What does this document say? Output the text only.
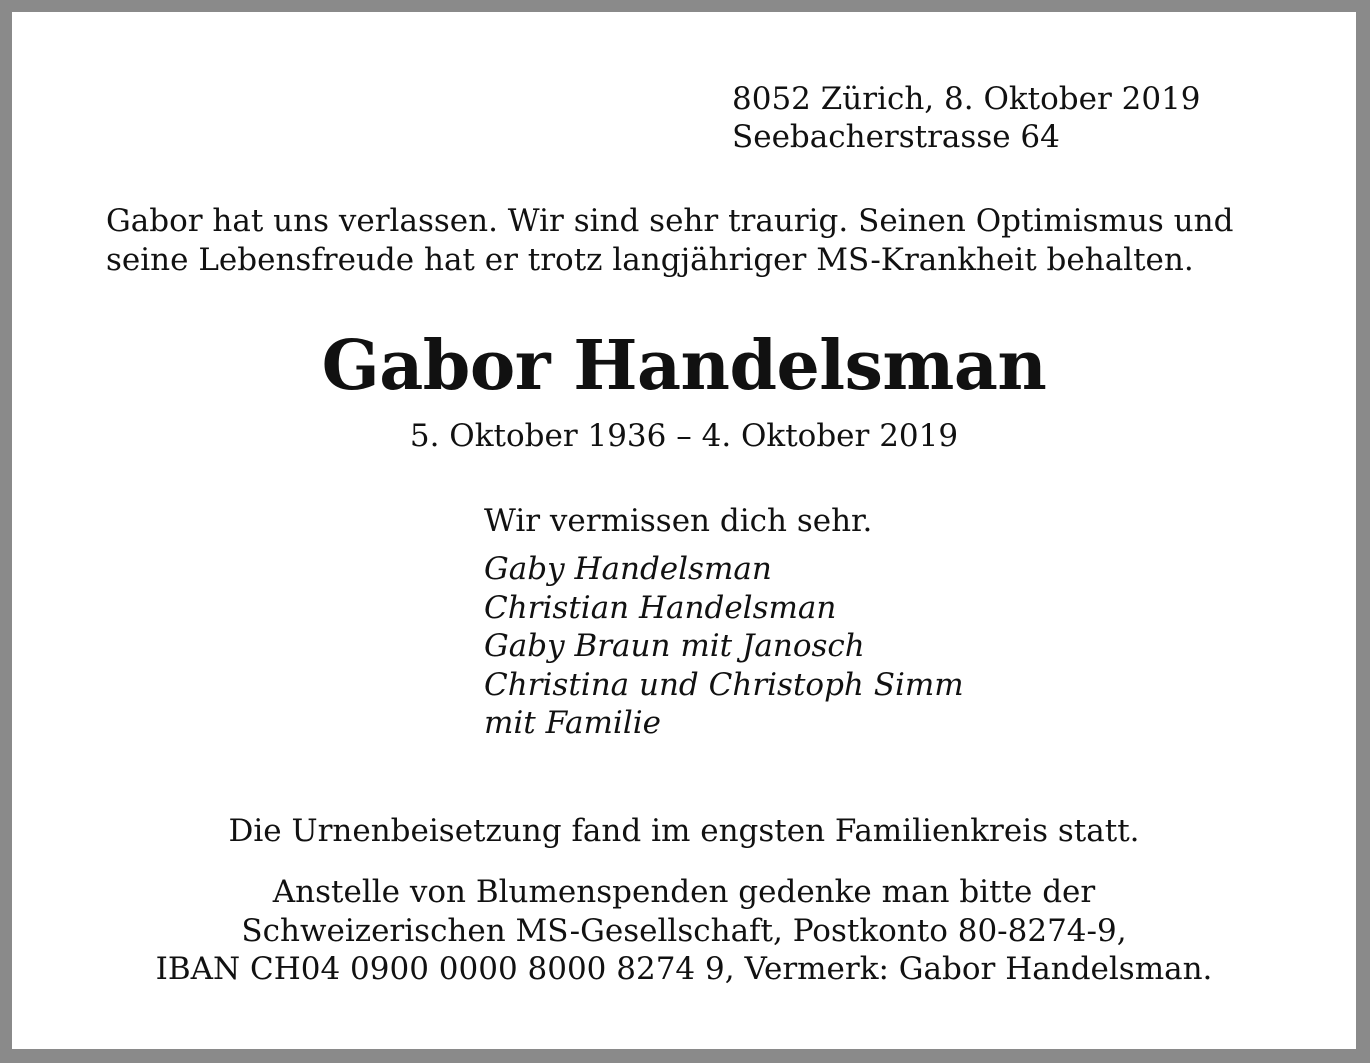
8052 Zürich, 8. Oktober 2019
Seebacherstrasse 64
Gabor hat uns verlassen. Wir sind sehr traurig. Seinen Optimismus und
seine Lebensfreude hat er trotz langjähriger MS-Krankheit behalten.
Gabor Handelsman
5. Oktober 1936 – 4. Oktober 2019
Wir vermissen dich sehr.
Gaby Handelsman
Christian Handelsman
Gaby Braun mit Janosch
Christina und Christoph Simm
mit Familie
Die Urnenbeisetzung fand im engsten Familienkreis statt.
Anstelle von Blumenspenden gedenke man bitte der
Schweizerischen MS-Gesellschaft, Postkonto 80-8274-9,
IBAN CH04 0900 0000 8000 8274 9, Vermerk: Gabor Handelsman.
